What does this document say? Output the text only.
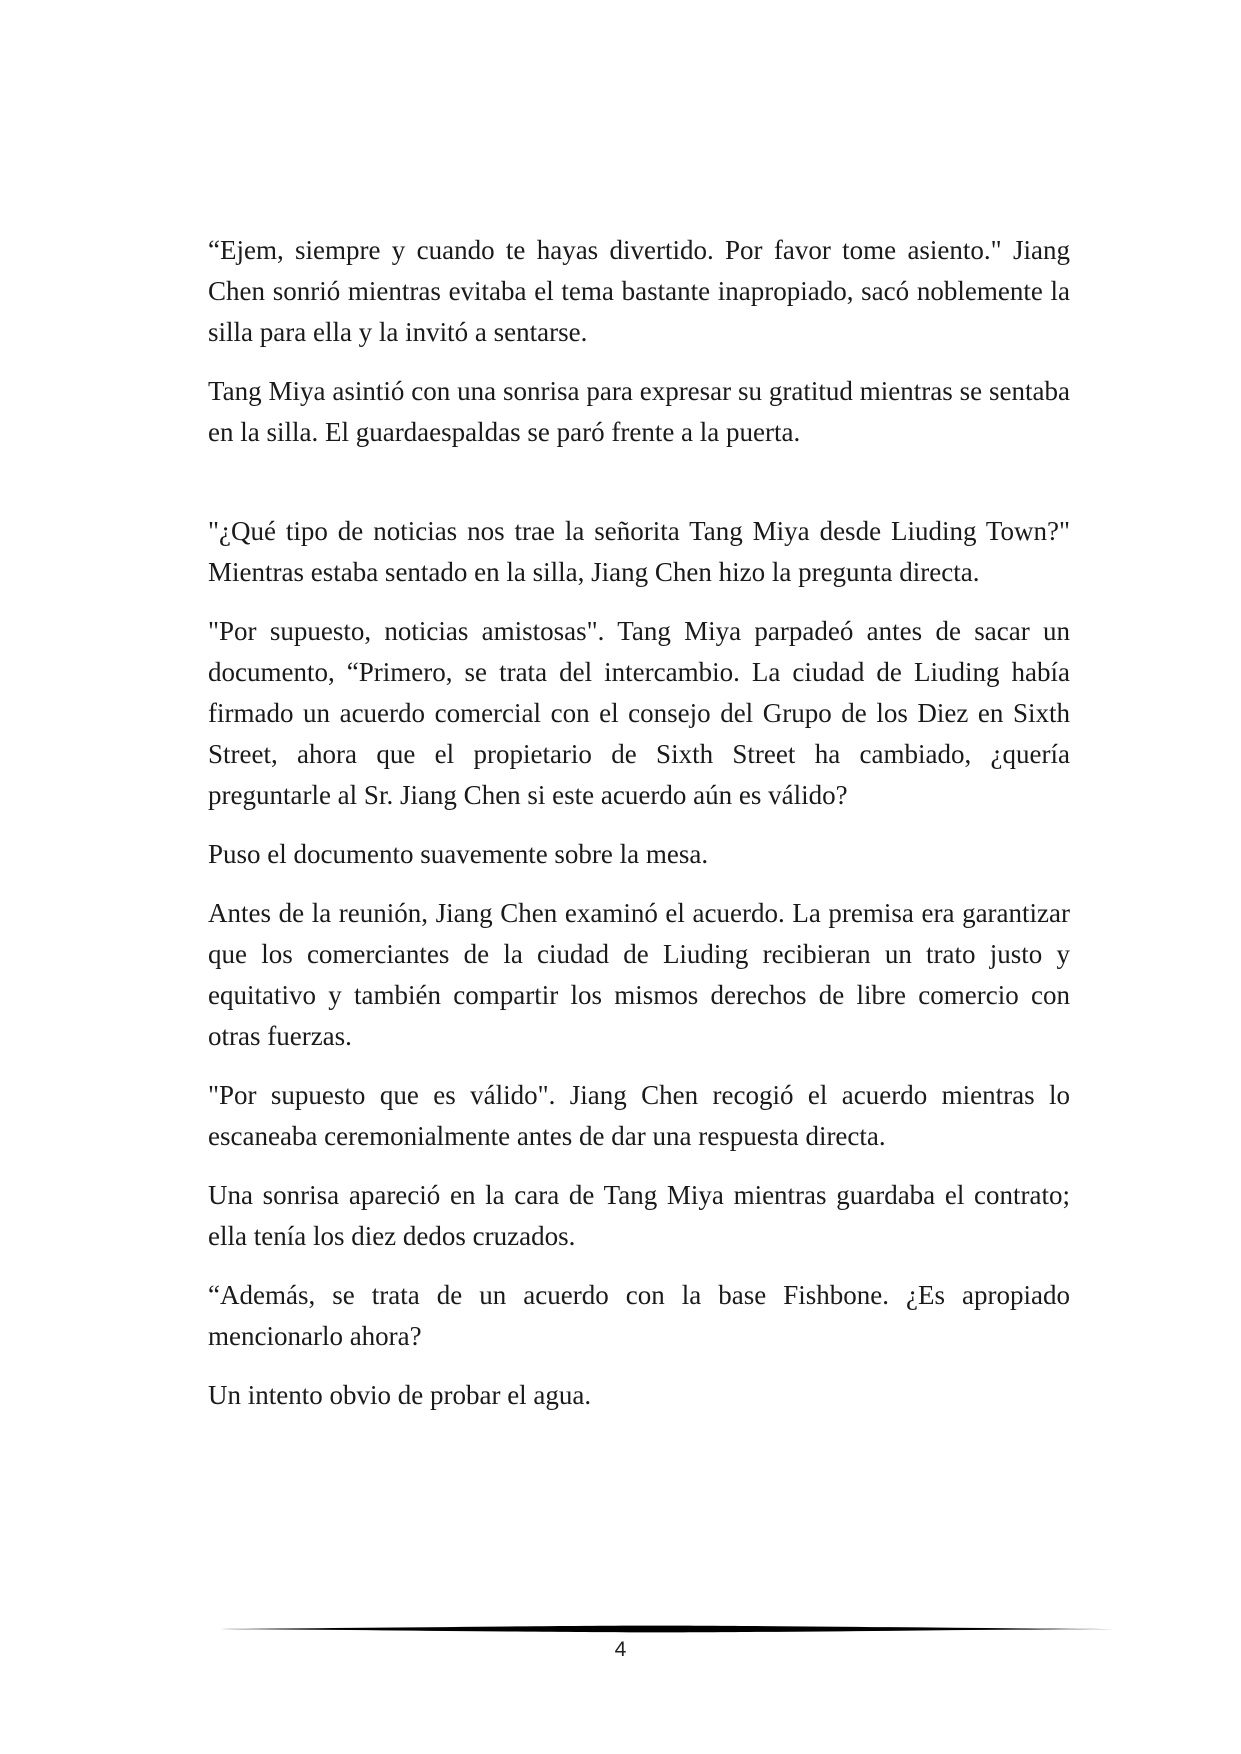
“Ejem, siempre y cuando te hayas divertido. Por favor tome asiento." Jiang Chen sonrió mientras evitaba el tema bastante inapropiado, sacó noblemente la silla para ella y la invitó a sentarse.

Tang Miya asintió con una sonrisa para expresar su gratitud mientras se sentaba en la silla. El guardaespaldas se paró frente a la puerta.

"¿Qué tipo de noticias nos trae la señorita Tang Miya desde Liuding Town?" Mientras estaba sentado en la silla, Jiang Chen hizo la pregunta directa.

"Por supuesto, noticias amistosas". Tang Miya parpadeó antes de sacar un documento, “Primero, se trata del intercambio. La ciudad de Liuding había firmado un acuerdo comercial con el consejo del Grupo de los Diez en Sixth Street, ahora que el propietario de Sixth Street ha cambiado, ¿quería preguntarle al Sr. Jiang Chen si este acuerdo aún es válido?

Puso el documento suavemente sobre la mesa.

Antes de la reunión, Jiang Chen examinó el acuerdo. La premisa era garantizar que los comerciantes de la ciudad de Liuding recibieran un trato justo y equitativo y también compartir los mismos derechos de libre comercio con otras fuerzas.

"Por supuesto que es válido". Jiang Chen recogió el acuerdo mientras lo escaneaba ceremonialmente antes de dar una respuesta directa.

Una sonrisa apareció en la cara de Tang Miya mientras guardaba el contrato; ella tenía los diez dedos cruzados.

“Además, se trata de un acuerdo con la base Fishbone. ¿Es apropiado mencionarlo ahora?

Un intento obvio de probar el agua.

4
